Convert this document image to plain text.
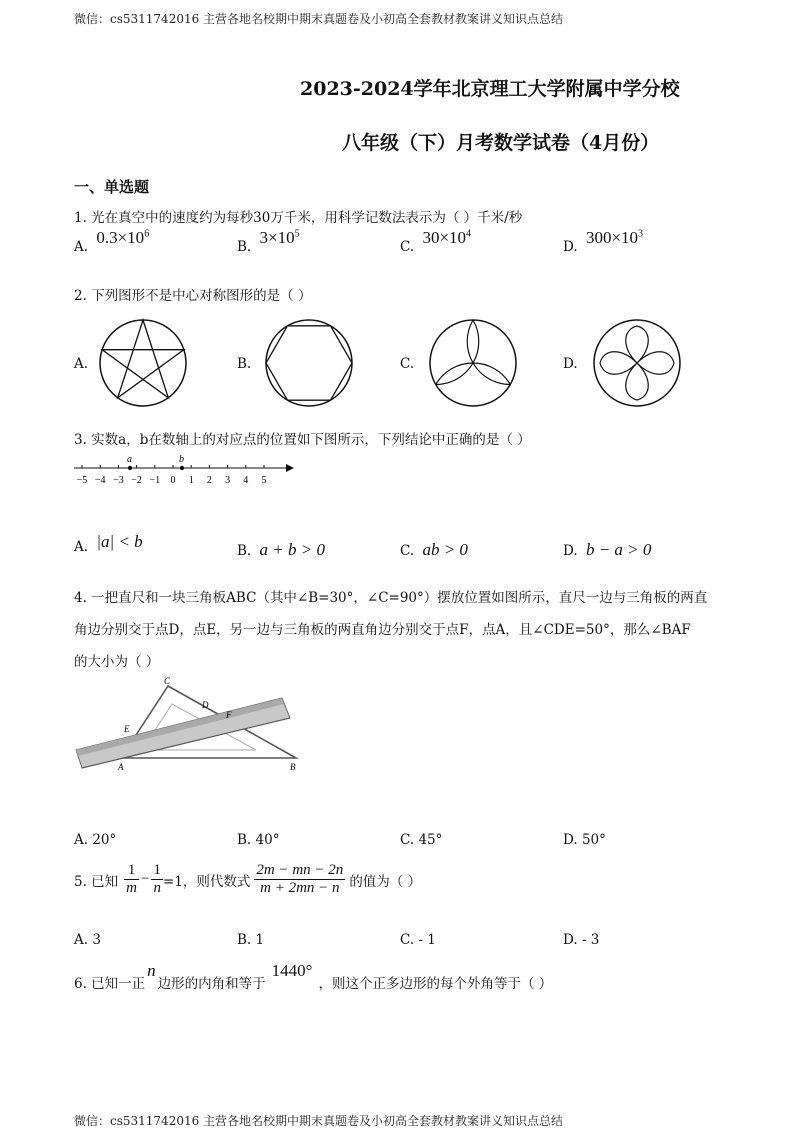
微信：cs5311742016 主营各地名校期中期末真题卷及小初高全套教材教案讲义知识点总结
微信：cs5311742016 主营各地名校期中期末真题卷及小初高全套教材教案讲义知识点总结
2023-2024学年北京理工大学附属中学分校
八年级（下）月考数学试卷（4月份）
一、单选题
1. 光在真空中的速度约为每秒30万千米，用科学记数法表示为（ ）千米/秒
A. $0.3\times 10^6$
B. $3\times 10^5$
C. $30\times 10^4$
D. $300\times 10^3$
2. 下列图形不是中心对称图形的是（ ）
A.	B.	C.	D.
3. 实数a，b在数轴上的对应点的位置如下图所示，下列结论中正确的是（ ）
a	b
−5 −4 −3 −2 −1 0 1 2 3 4 5
A. |a| < b	B. a + b > 0	C. ab > 0	D. b − a > 0
4. 一把直尺和一块三角板ABC（其中∠B=30°，∠C=90°）摆放位置如图所示，直尺一边与三角板的两直
角边分别交于点D，点E，另一边与三角板的两直角边分别交于点F，点A，且∠CDE=50°，那么∠BAF
的大小为（ ）
C
D
E
F
A	B
A. 20°	B. 40°	C. 45°	D. 50°
5. 已知 $\frac{1}{m} - \frac{1}{n} =1$，则代数式 $\frac{2m - mn - 2n}{m + 2mn - n}$ 的值为（ ）
A. 3	B. 1	C. - 1	D. - 3
6. 已知一正n边形的内角和等于1440°，则这个正多边形的每个外角等于（ ）
